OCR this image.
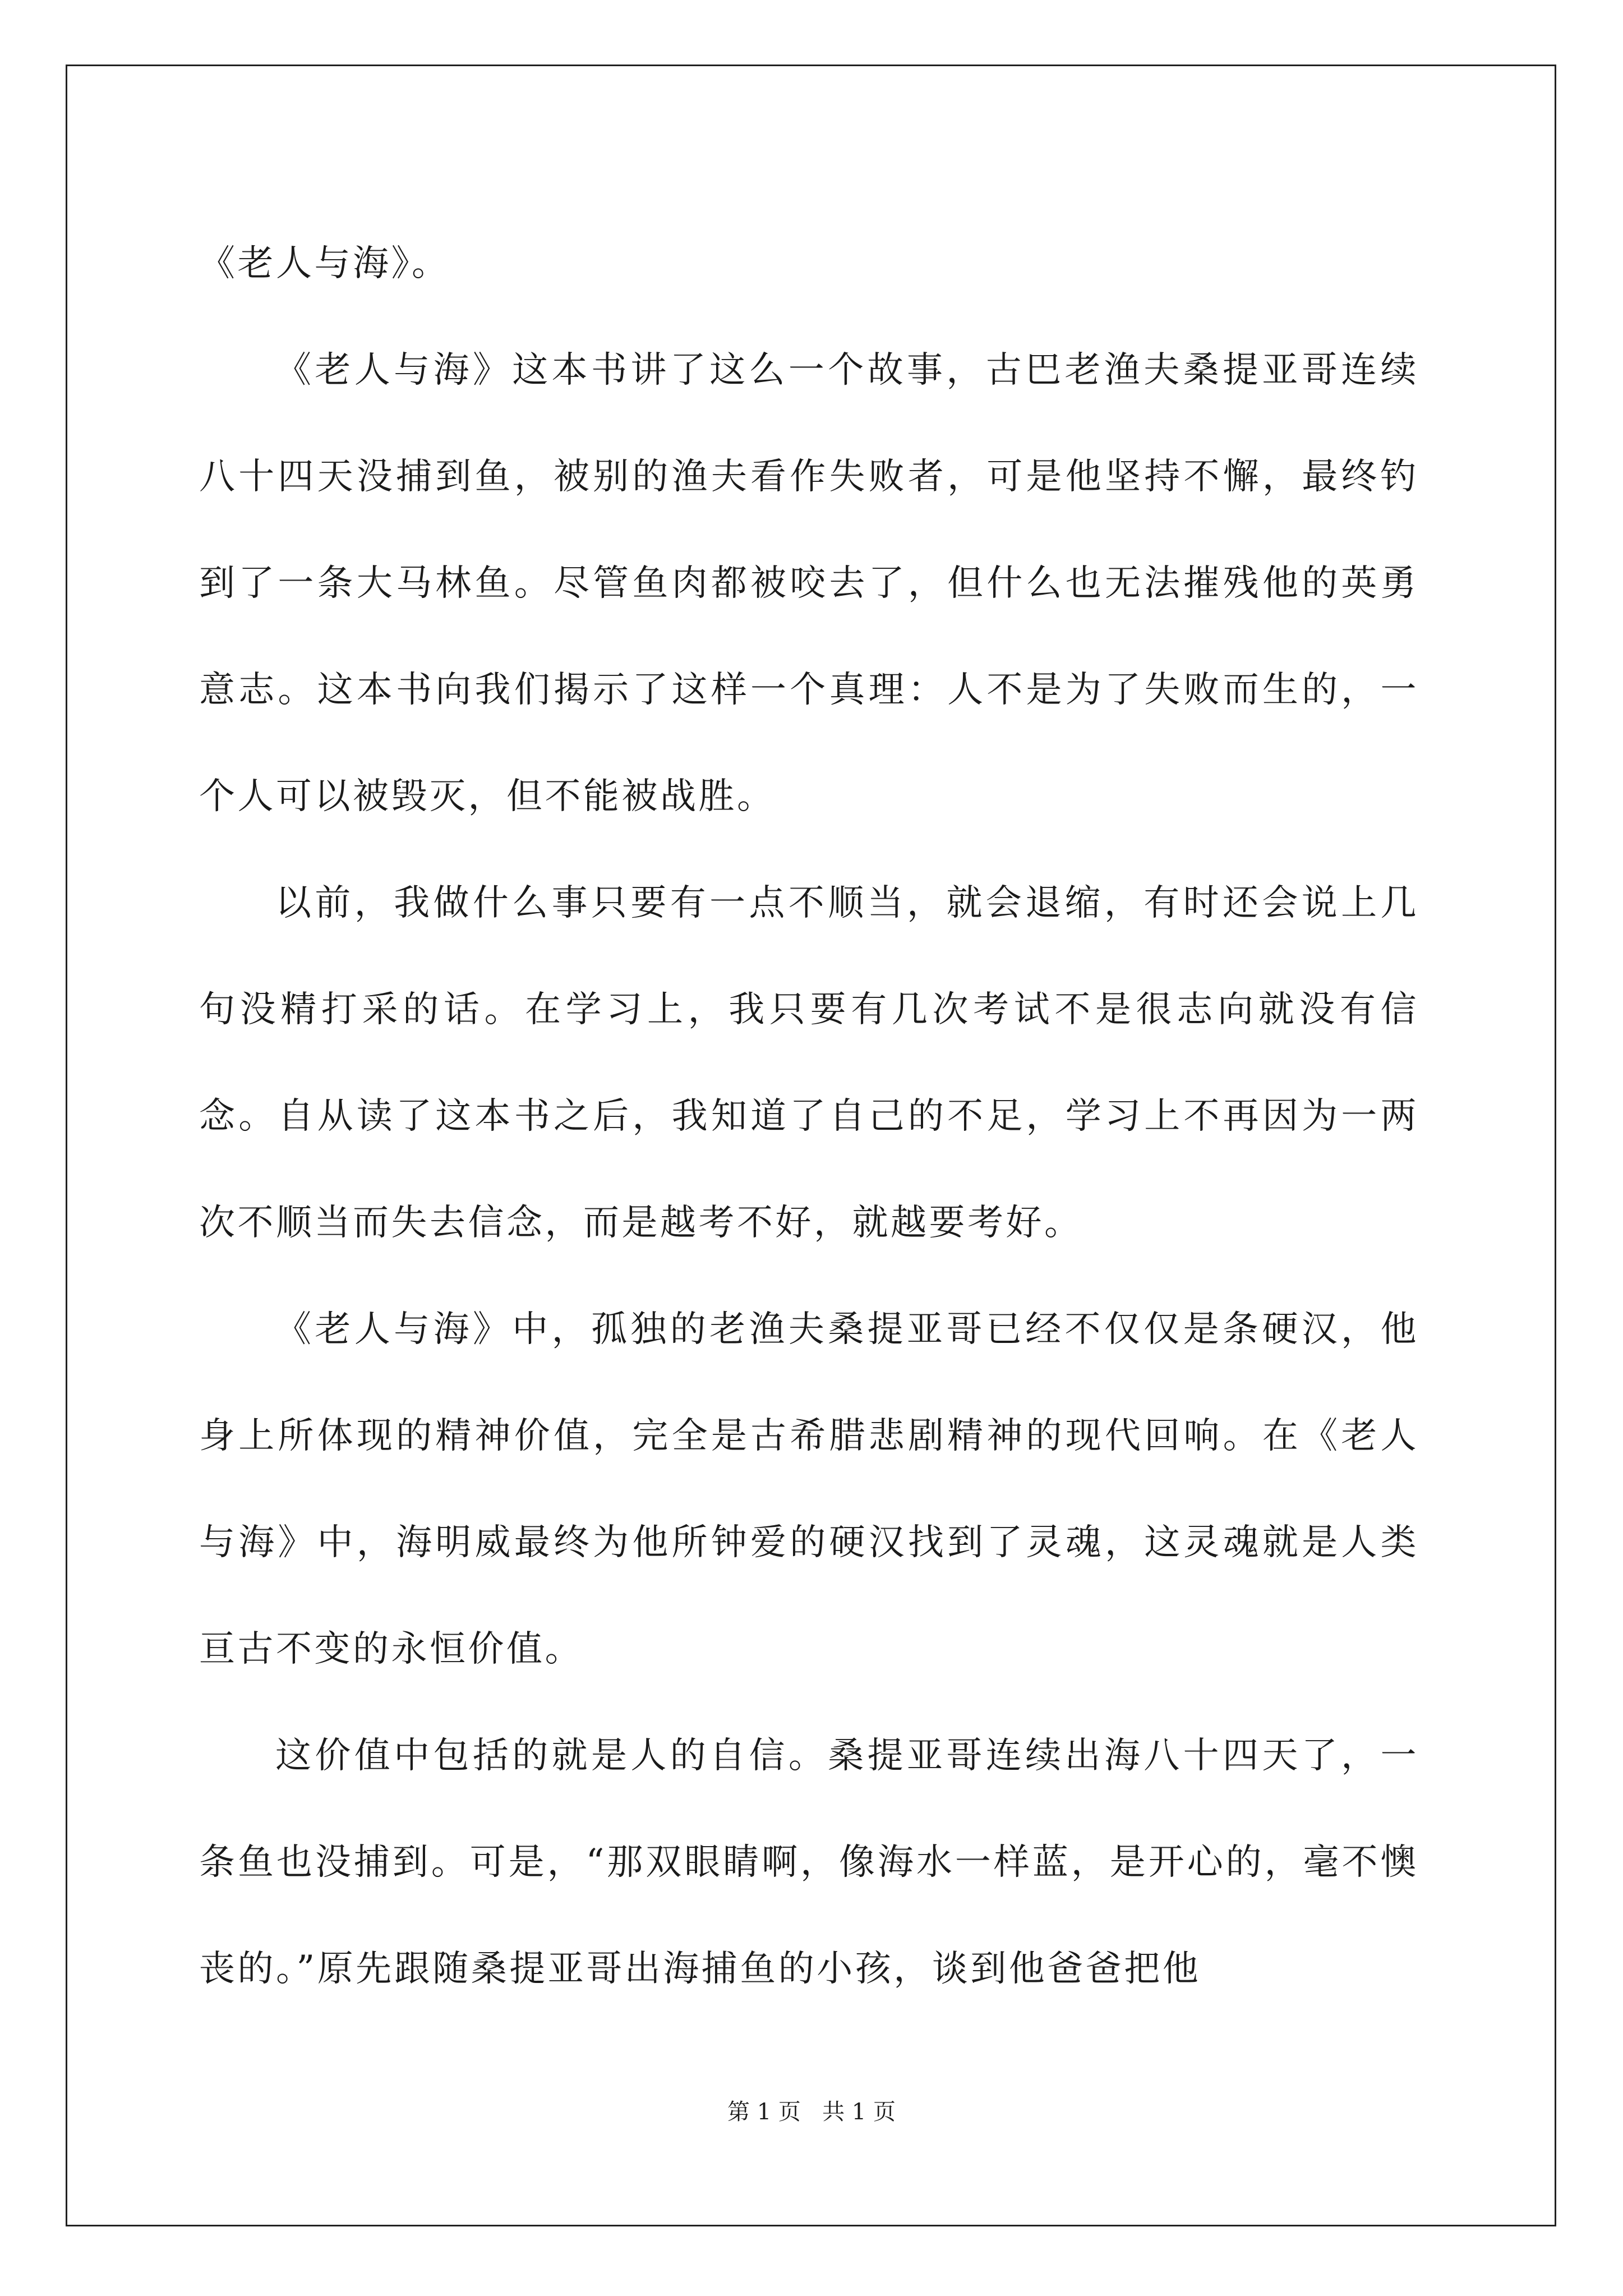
《老人与海》。

《老人与海》这本书讲了这么一个故事，古巴老渔夫桑提亚哥连续八十四天没捕到鱼，被别的渔夫看作失败者，可是他坚持不懈，最终钓到了一条大马林鱼。尽管鱼肉都被咬去了，但什么也无法摧残他的英勇意志。这本书向我们揭示了这样一个真理：人不是为了失败而生的，一个人可以被毁灭，但不能被战胜。

以前，我做什么事只要有一点不顺当，就会退缩，有时还会说上几句没精打采的话。在学习上，我只要有几次考试不是很志向就没有信念。自从读了这本书之后，我知道了自己的不足，学习上不再因为一两次不顺当而失去信念，而是越考不好，就越要考好。

《老人与海》中，孤独的老渔夫桑提亚哥已经不仅仅是条硬汉，他身上所体现的精神价值，完全是古希腊悲剧精神的现代回响。在《老人与海》中，海明威最终为他所钟爱的硬汉找到了灵魂，这灵魂就是人类亘古不变的永恒价值。

这价值中包括的就是人的自信。桑提亚哥连续出海八十四天了，一条鱼也没捕到。可是，“那双眼睛啊，像海水一样蓝，是开心的，毫不懊丧的。”原先跟随桑提亚哥出海捕鱼的小孩，谈到他爸爸把他

第 1 页   共 1 页
